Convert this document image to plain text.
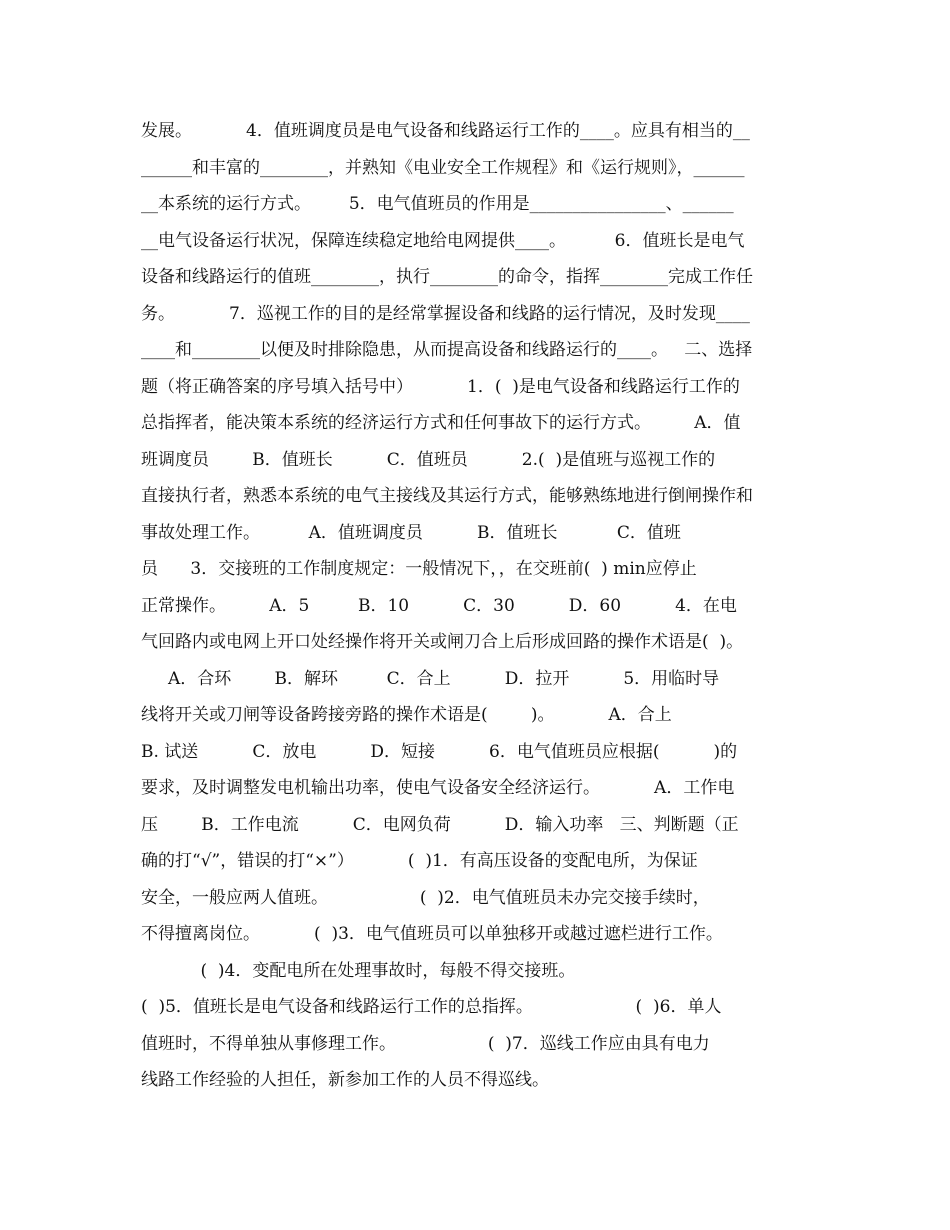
发展。          4．值班调度员是电气设备和线路运行工作的____。应具有相当的__
______和丰富的________，并熟知《电业安全工作规程》和《运行规则》，______
__本系统的运行方式。       5．电气值班员的作用是________________、______
__电气设备运行状况，保障连续稳定地给电网提供____。         6．值班长是电气
设备和线路运行的值班________，执行________的命令，指挥________完成工作任
务。          7．巡视工作的目的是经常掌握设备和线路的运行情况，及时发现____
____和________以便及时排除隐患，从而提高设备和线路运行的____。   二、选择
题（将正确答案的序号填入括号中）          1．(  )是电气设备和线路运行工作的
总指挥者，能决策本系统的经济运行方式和任何事故下的运行方式。        A．值
班调度员        B．值班长          C．值班员          2.(  )是值班与巡视工作的
直接执行者，熟悉本系统的电气主接线及其运行方式，能够熟练地进行倒闸操作和
事故处理工作。         A．值班调度员          B．值班长           C．值班
员      3．交接班的工作制度规定：一般情况下，，在交班前(  ) min应停止
正常操作。        A．5         B．10          C．30          D．60          4．在电
气回路内或电网上开口处经操作将开关或闸刀合上后形成回路的操作术语是(  )。
A．合环        B．解环         C．合上          D．拉开          5．用临时导
线将开关或刀闸等设备跨接旁路的操作术语是(        )。          A．合上
B. 试送          C．放电          D．短接          6．电气值班员应根据(          )的
要求，及时调整发电机输出功率，使电气设备安全经济运行。          A．工作电
压        B．工作电流          C．电网负荷          D．输入功率   三、判断题（正
确的打“√”，错误的打“×”）          (  )1．有高压设备的变配电所，为保证
安全，一般应两人值班。                 (  )2．电气值班员未办完交接手续时，
不得擅离岗位。          (  )3．电气值班员可以单独移开或越过遮栏进行工作。
(  )4．变配电所在处理事故时，每般不得交接班。
(  )5．值班长是电气设备和线路运行工作的总指挥。                   (  )6．单人
值班时，不得单独从事修理工作。                 (  )7．巡线工作应由具有电力
线路工作经验的人担任，新参加工作的人员不得巡线。
